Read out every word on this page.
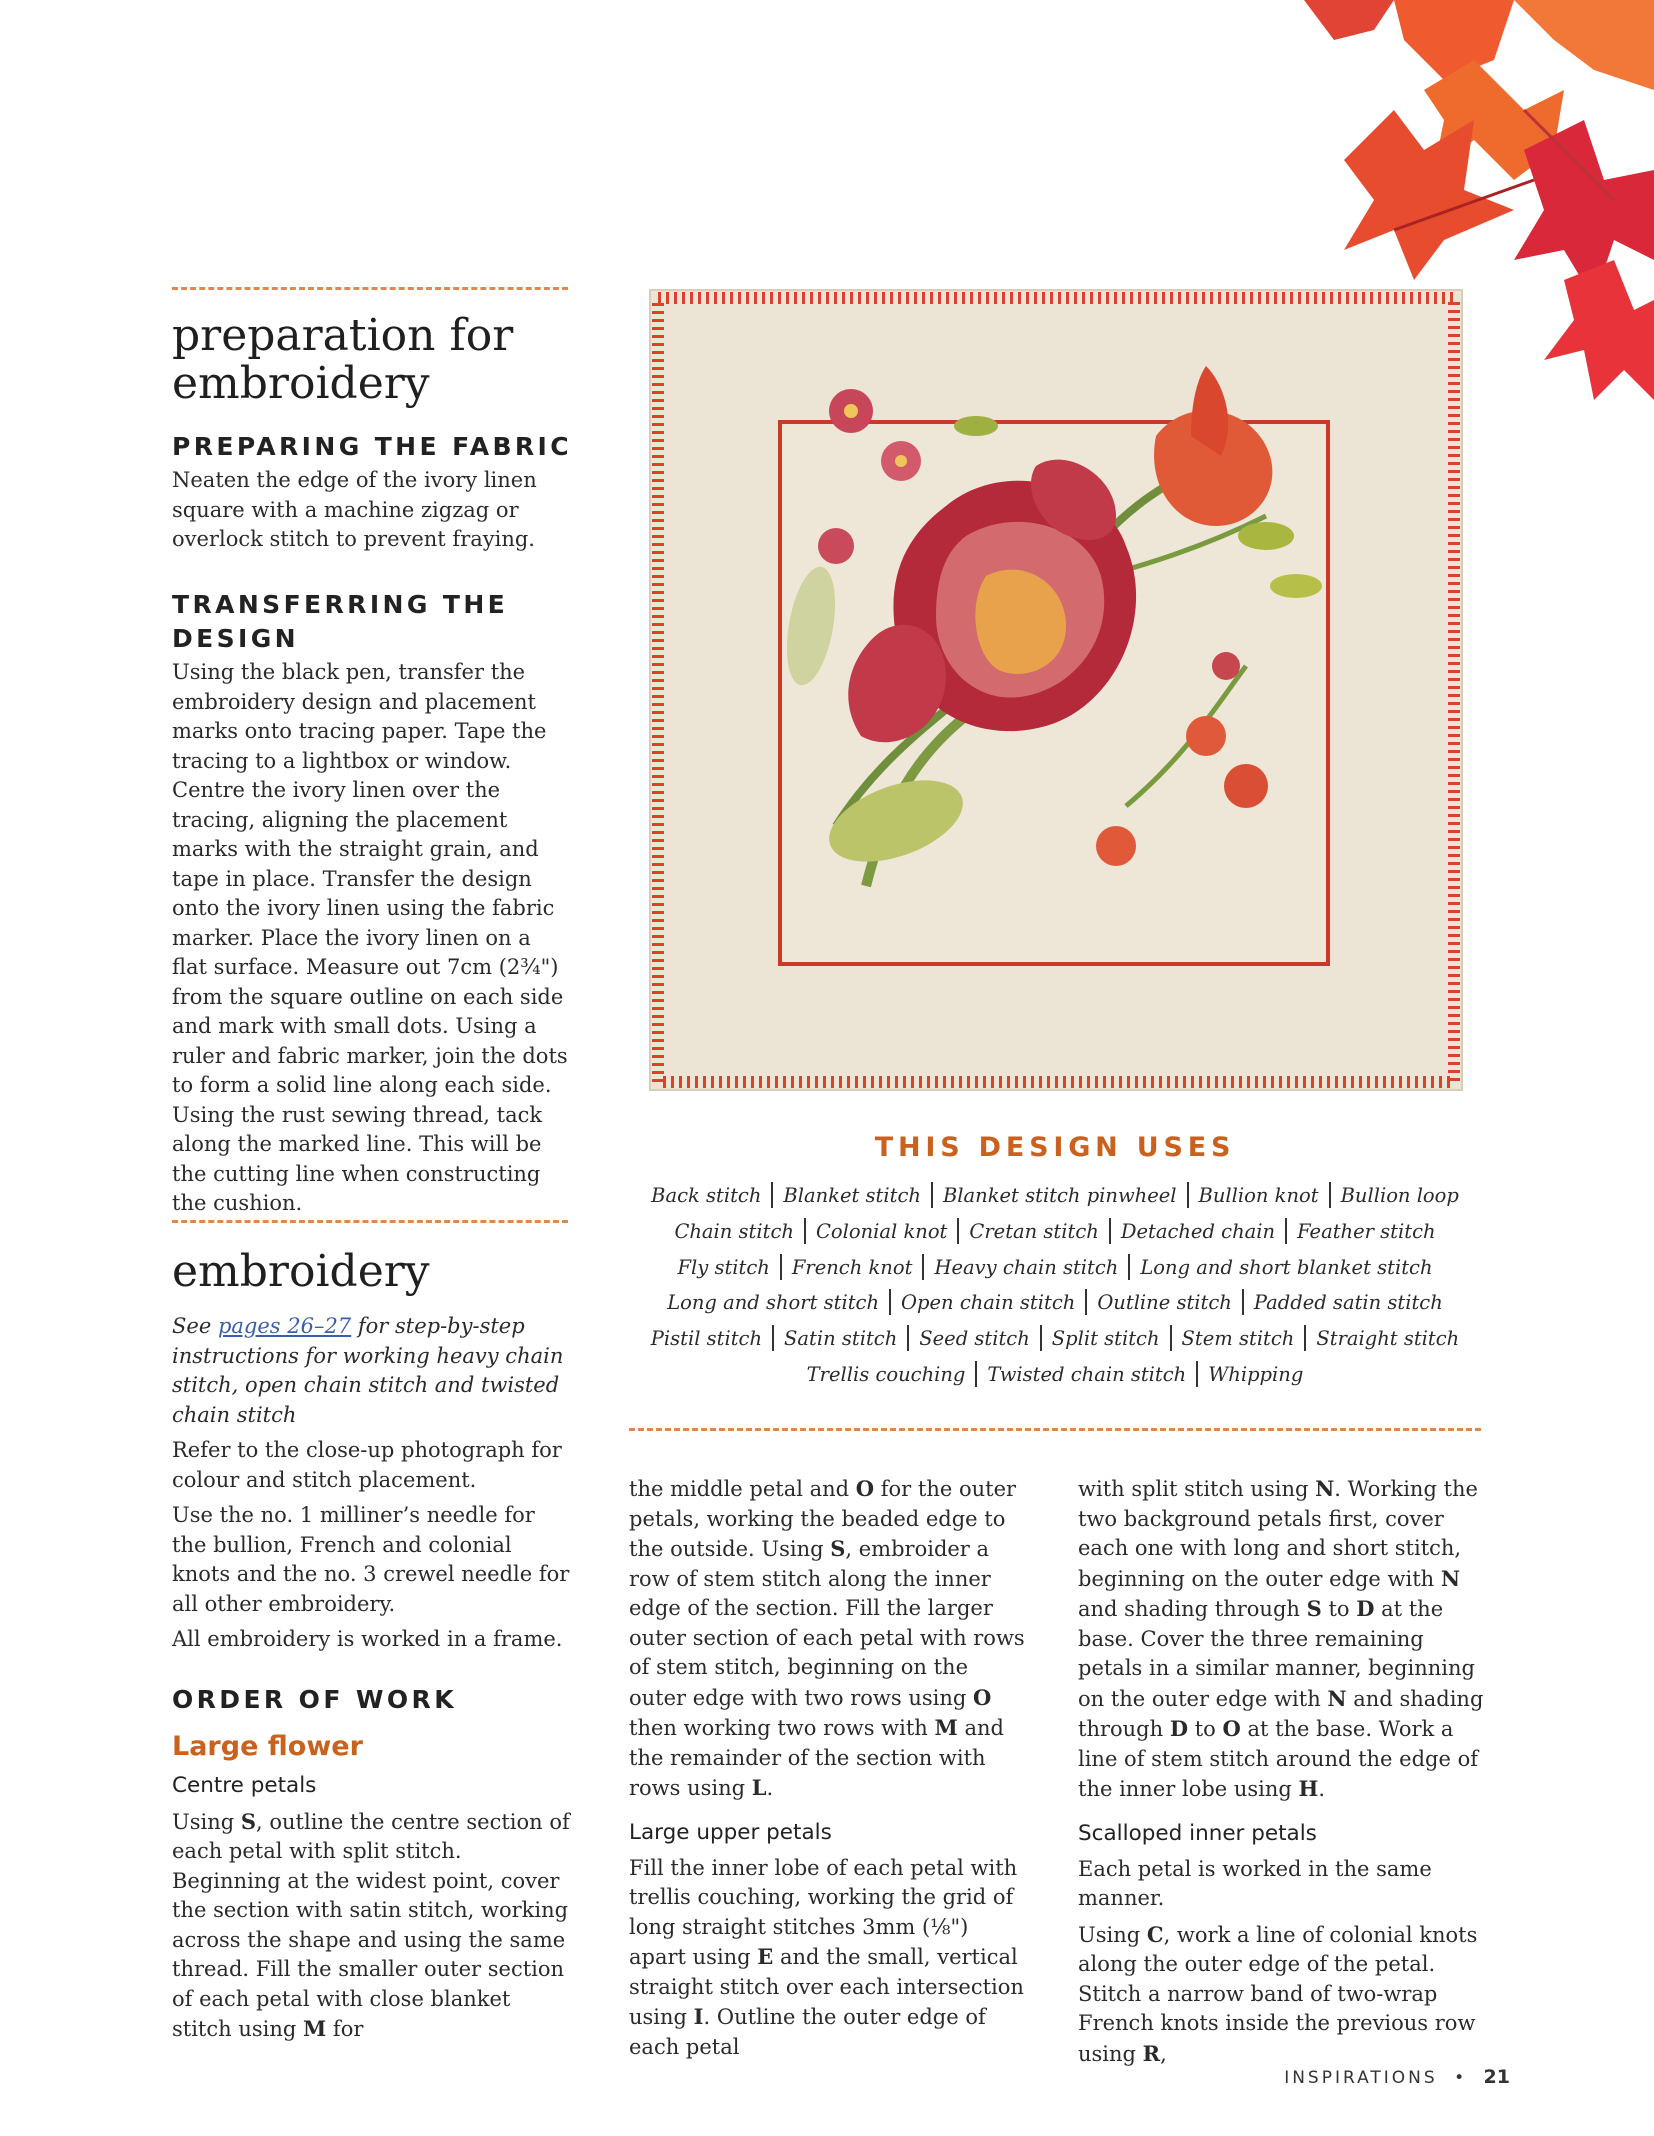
preparation for embroidery
PREPARING THE FABRIC

Neaten the edge of the ivory linen square with a machine zigzag or overlock stitch to prevent fraying.

TRANSFERRING THE DESIGN

Using the black pen, transfer the embroidery design and placement marks onto tracing paper. Tape the tracing to a lightbox or window. Centre the ivory linen over the tracing, aligning the placement marks with the straight grain, and tape in place. Transfer the design onto the ivory linen using the fabric marker. Place the ivory linen on a flat surface. Measure out 7cm (2¾") from the square outline on each side and mark with small dots. Using a ruler and fabric marker, join the dots to form a solid line along each side. Using the rust sewing thread, tack along the marked line. This will be the cutting line when constructing the cushion.

embroidery

See pages 26–27 for step-by-step instructions for working heavy chain stitch, open chain stitch and twisted chain stitch

Refer to the close-up photograph for colour and stitch placement.

Use the no. 1 milliner’s needle for the bullion, French and colonial knots and the no. 3 crewel needle for all other embroidery.

All embroidery is worked in a frame.

ORDER OF WORK
Large flower
Centre petals

Using S, outline the centre section of each petal with split stitch. Beginning at the widest point, cover the section with satin stitch, working across the shape and using the same thread. Fill the smaller outer section of each petal with close blanket stitch using M for

THIS DESIGN USES
Back stitch Blanket stitch Blanket stitch pinwheel Bullion knot Bullion loop
Chain stitch Colonial knot Cretan stitch Detached chain Feather stitch
Fly stitch French knot Heavy chain stitch Long and short blanket stitch
Long and short stitch Open chain stitch Outline stitch Padded satin stitch
Pistil stitch Satin stitch Seed stitch Split stitch Stem stitch Straight stitch
Trellis couching Twisted chain stitch Whipping

the middle petal and O for the outer petals, working the beaded edge to the outside. Using S, embroider a row of stem stitch along the inner edge of the section. Fill the larger outer section of each petal with rows of stem stitch, beginning on the outer edge with two rows using O then working two rows with M and the remainder of the section with rows using L.

Large upper petals

Fill the inner lobe of each petal with trellis couching, working the grid of long straight stitches 3mm (⅛") apart using E and the small, vertical straight stitch over each intersection using I. Outline the outer edge of each petal

with split stitch using N. Working the two background petals first, cover each one with long and short stitch, beginning on the outer edge with N and shading through S to D at the base. Cover the three remaining petals in a similar manner, beginning on the outer edge with N and shading through D to O at the base. Work a line of stem stitch around the edge of the inner lobe using H.

Scalloped inner petals

Each petal is worked in the same manner.

Using C, work a line of colonial knots along the outer edge of the petal. Stitch a narrow band of two-wrap French knots inside the previous row using R,

INSPIRATIONS • 21
